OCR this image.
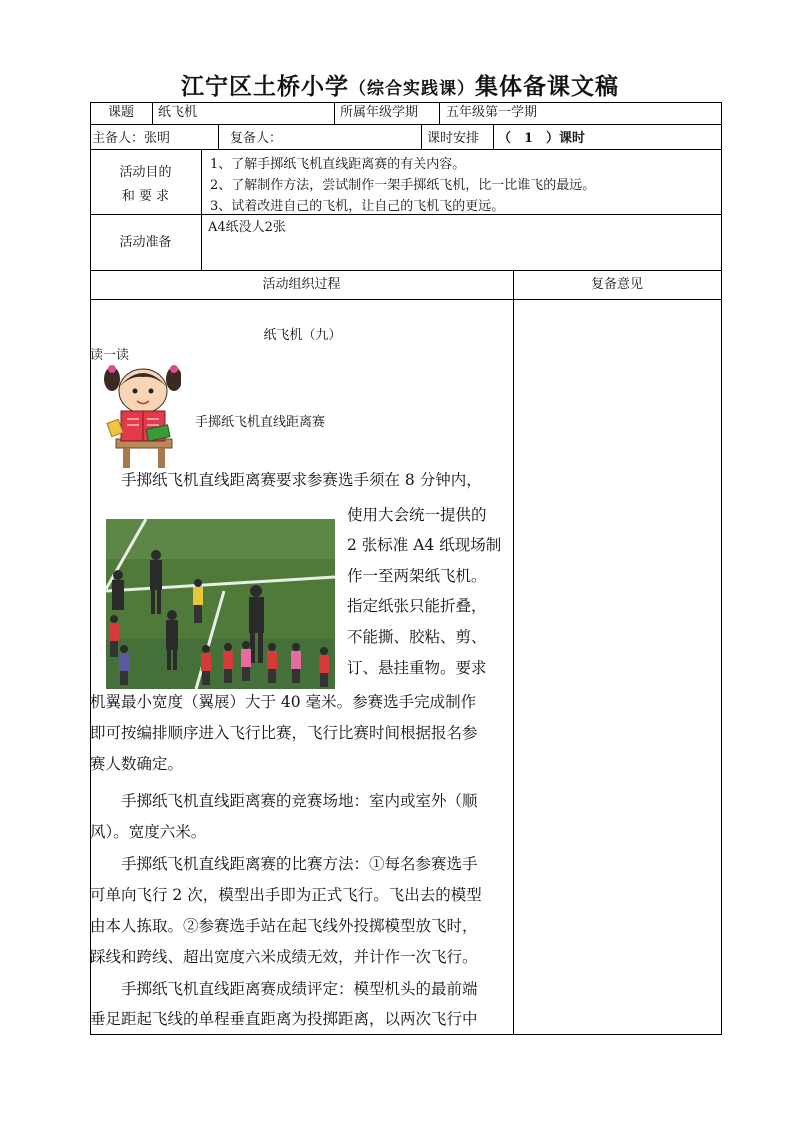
江宁区土桥小学（综合实践课）集体备课文稿
课题	纸飞机	所属年级学期 五年级第一学期
主备人：张明	复备人：	课时安排 （　1　）课时
活动目的
和 要 求
1、了解手掷纸飞机直线距离赛的有关内容。
2、了解制作方法，尝试制作一架手掷纸飞机，比一比谁飞的最远。
3、试着改进自己的飞机，让自己的飞机飞的更远。
活动准备
A4纸没人2张
活动组织过程	复备意见
纸飞机（九）
读一读
手掷纸飞机直线距离赛
　　手掷纸飞机直线距离赛要求参赛选手须在 8 分钟内，
使用大会统一提供的
2 张标准 A4 纸现场制
作一至两架纸飞机。
指定纸张只能折叠，
不能撕、胶粘、剪、
订、悬挂重物。要求
机翼最小宽度（翼展）大于 40 毫米。参赛选手完成制作
即可按编排顺序进入飞行比赛，飞行比赛时间根据报名参
赛人数确定。
　　手掷纸飞机直线距离赛的竞赛场地：室内或室外（顺
风）。宽度六米。
　　手掷纸飞机直线距离赛的比赛方法：①每名参赛选手
可单向飞行 2 次，模型出手即为正式飞行。飞出去的模型
由本人拣取。②参赛选手站在起飞线外投掷模型放飞时，
踩线和跨线、超出宽度六米成绩无效，并计作一次飞行。
　　手掷纸飞机直线距离赛成绩评定：模型机头的最前端
垂足距起飞线的单程垂直距离为投掷距离，以两次飞行中
